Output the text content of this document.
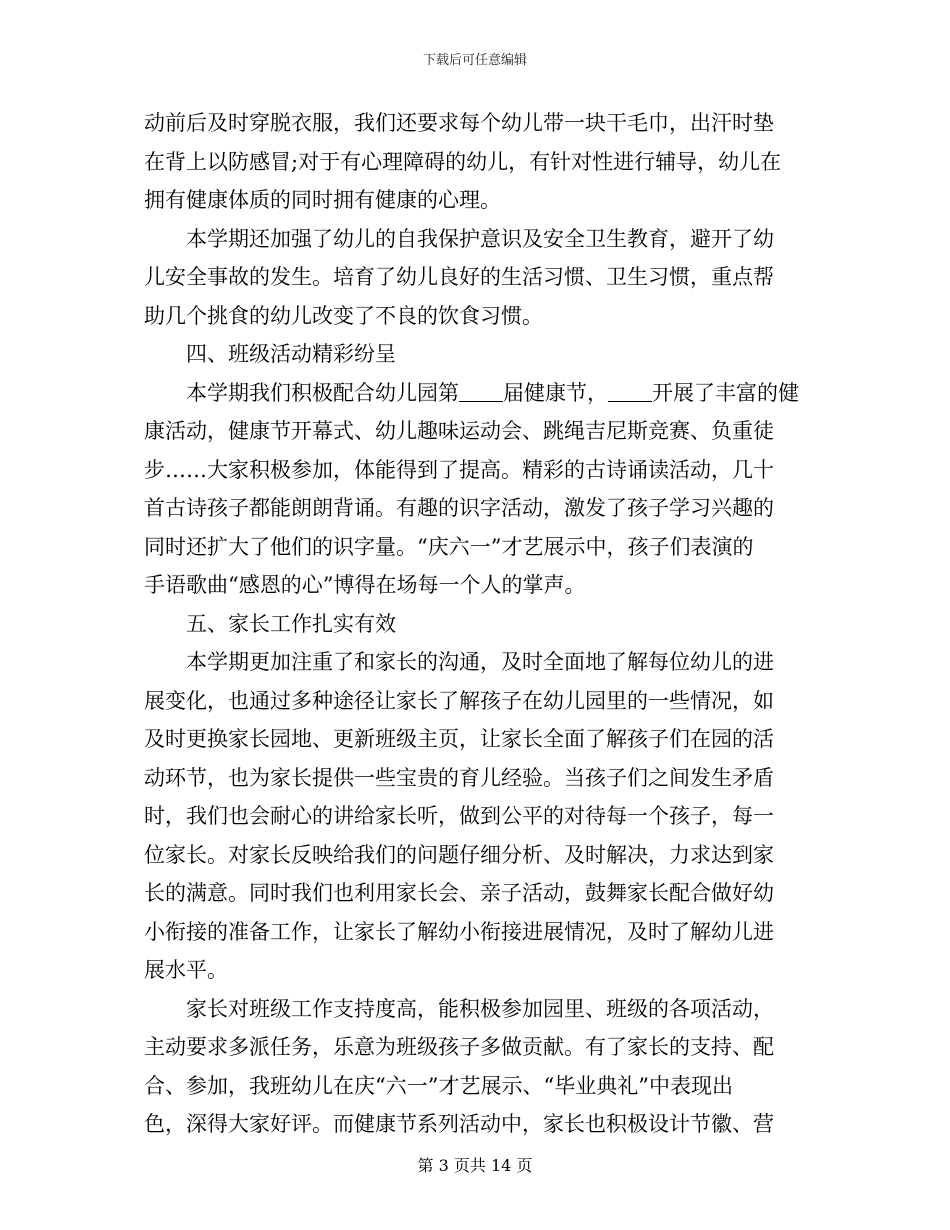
下载后可任意编辑
动前后及时穿脱衣服，我们还要求每个幼儿带一块干毛巾，出汗时垫
在背上以防感冒;对于有心理障碍的幼儿，有针对性进行辅导，幼儿在
拥有健康体质的同时拥有健康的心理。
本学期还加强了幼儿的自我保护意识及安全卫生教育，避开了幼
儿安全事故的发生。培育了幼儿良好的生活习惯、卫生习惯，重点帮
助几个挑食的幼儿改变了不良的饮食习惯。
四、班级活动精彩纷呈
本学期我们积极配合幼儿园第 届健康节， 开展了丰富的健
康活动，健康节开幕式、幼儿趣味运动会、跳绳吉尼斯竞赛、负重徒
步……大家积极参加，体能得到了提高。精彩的古诗诵读活动，几十
首古诗孩子都能朗朗背诵。有趣的识字活动，激发了孩子学习兴趣的
同时还扩大了他们的识字量。“庆六一”才艺展示中，孩子们表演的
手语歌曲“感恩的心”博得在场每一个人的掌声。
五、家长工作扎实有效
本学期更加注重了和家长的沟通，及时全面地了解每位幼儿的进
展变化，也通过多种途径让家长了解孩子在幼儿园里的一些情况，如
及时更换家长园地、更新班级主页，让家长全面了解孩子们在园的活
动环节，也为家长提供一些宝贵的育儿经验。当孩子们之间发生矛盾
时，我们也会耐心的讲给家长听，做到公平的对待每一个孩子，每一
位家长。对家长反映给我们的问题仔细分析、及时解决，力求达到家
长的满意。同时我们也利用家长会、亲子活动，鼓舞家长配合做好幼
小衔接的准备工作，让家长了解幼小衔接进展情况，及时了解幼儿进
展水平。
家长对班级工作支持度高，能积极参加园里、班级的各项活动，
主动要求多派任务，乐意为班级孩子多做贡献。有了家长的支持、配
合、参加，我班幼儿在庆“六一”才艺展示、“毕业典礼”中表现出
色，深得大家好评。而健康节系列活动中，家长也积极设计节徽、营
第 3 页共 14 页
